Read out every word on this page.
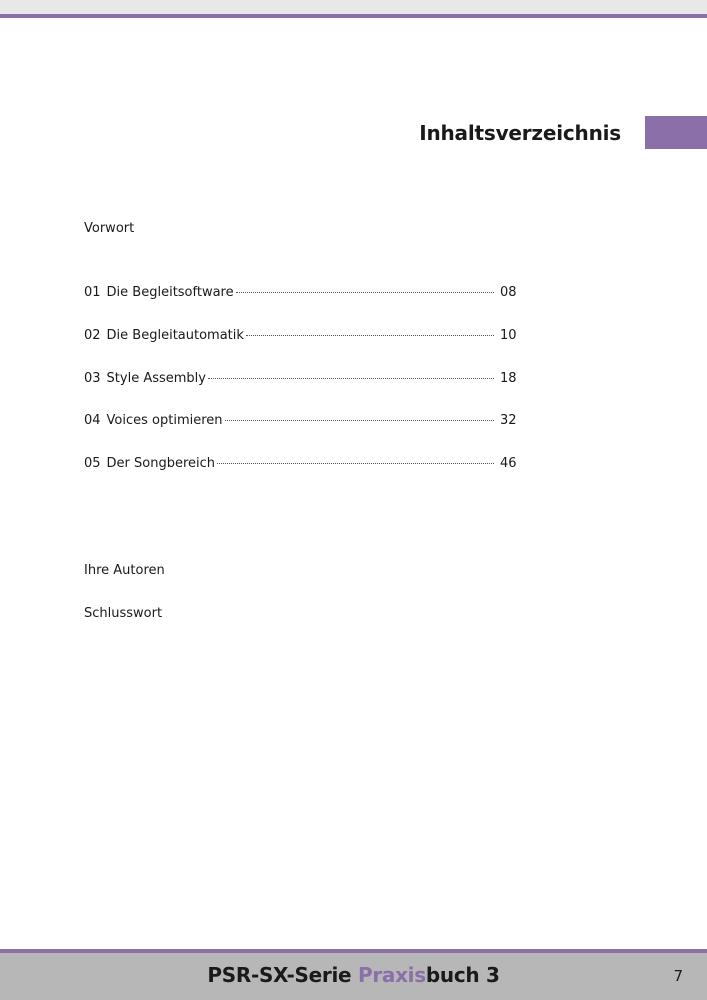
Inhaltsverzeichnis
Vorwort
01 Die Begleitsoftware	08
02 Die Begleitautomatik	10
03 Style Assembly	18
04 Voices optimieren	32
05 Der Songbereich	46
Ihre Autoren
Schlusswort
PSR-SX-Serie Praxisbuch 3	7
